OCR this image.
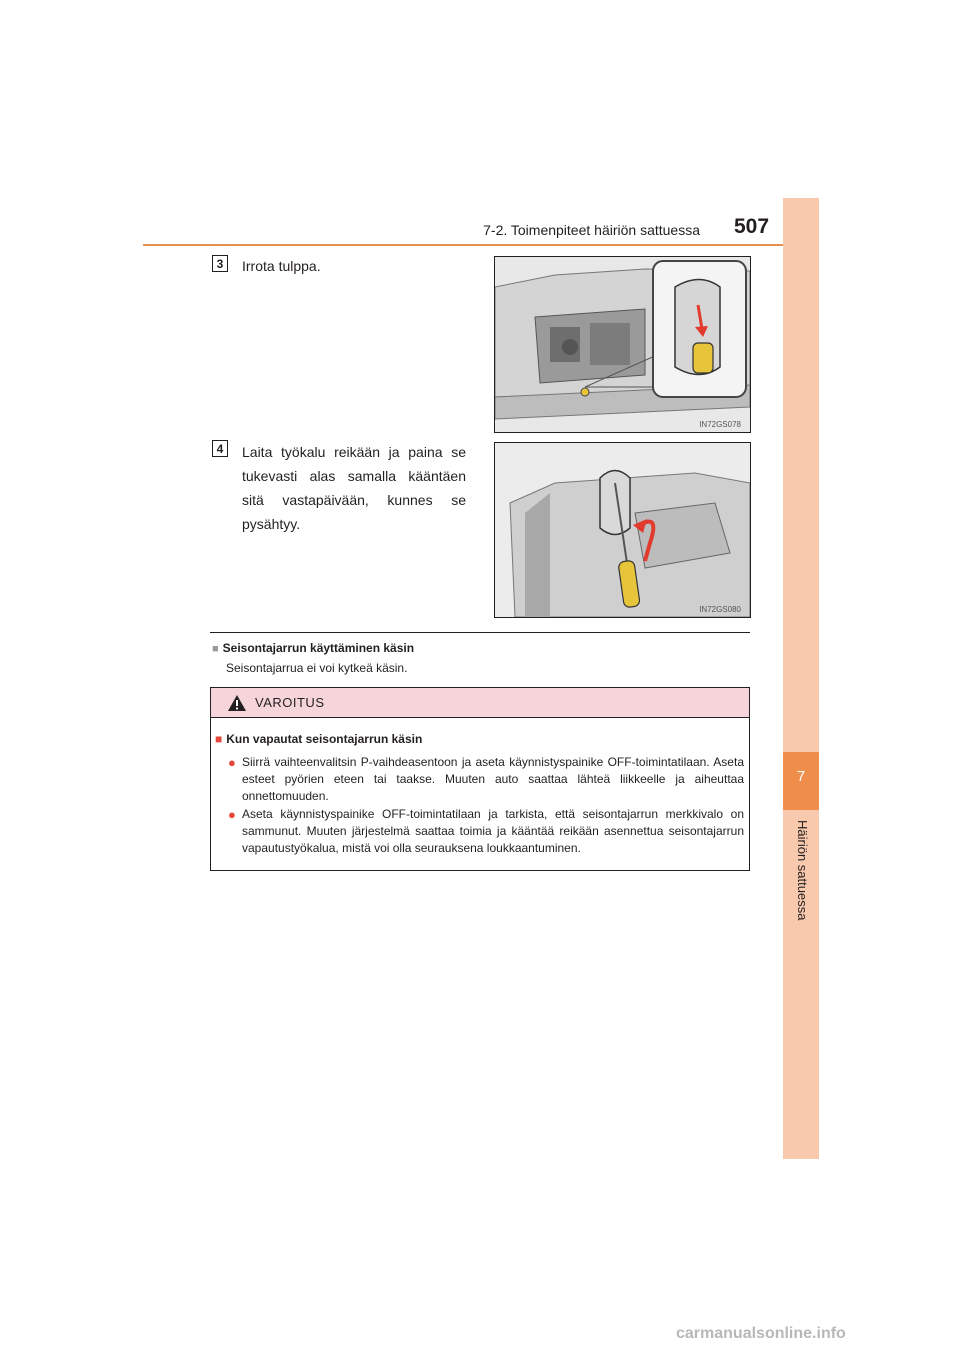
7-2. Toimenpiteet häiriön sattuessa 507
7
Häiriön sattuessa
3	Irrota tulppa.
IN72GS078
4	Laita työkalu reikään ja paina se tukevasti alas samalla kääntäen sitä vastapäivään, kunnes se pysähtyy.
IN72GS080
■ Seisontajarrun käyttäminen käsin
Seisontajarrua ei voi kytkeä käsin.
VAROITUS
■ Kun vapautat seisontajarrun käsin
● Siirrä vaihteenvalitsin P-vaihdeasentoon ja aseta käynnistyspainike OFF-toimintatilaan. Aseta esteet pyörien eteen tai taakse. Muuten auto saattaa lähteä liikkeelle ja aiheuttaa onnettomuuden.
● Aseta käynnistyspainike OFF-toimintatilaan ja tarkista, että seisontajarrun merkkivalo on sammunut. Muuten järjestelmä saattaa toimia ja kääntää reikään asennettua seisontajarrun vapautustyökalua, mistä voi olla seurauksena loukkaantuminen.
carmanualsonline.info
